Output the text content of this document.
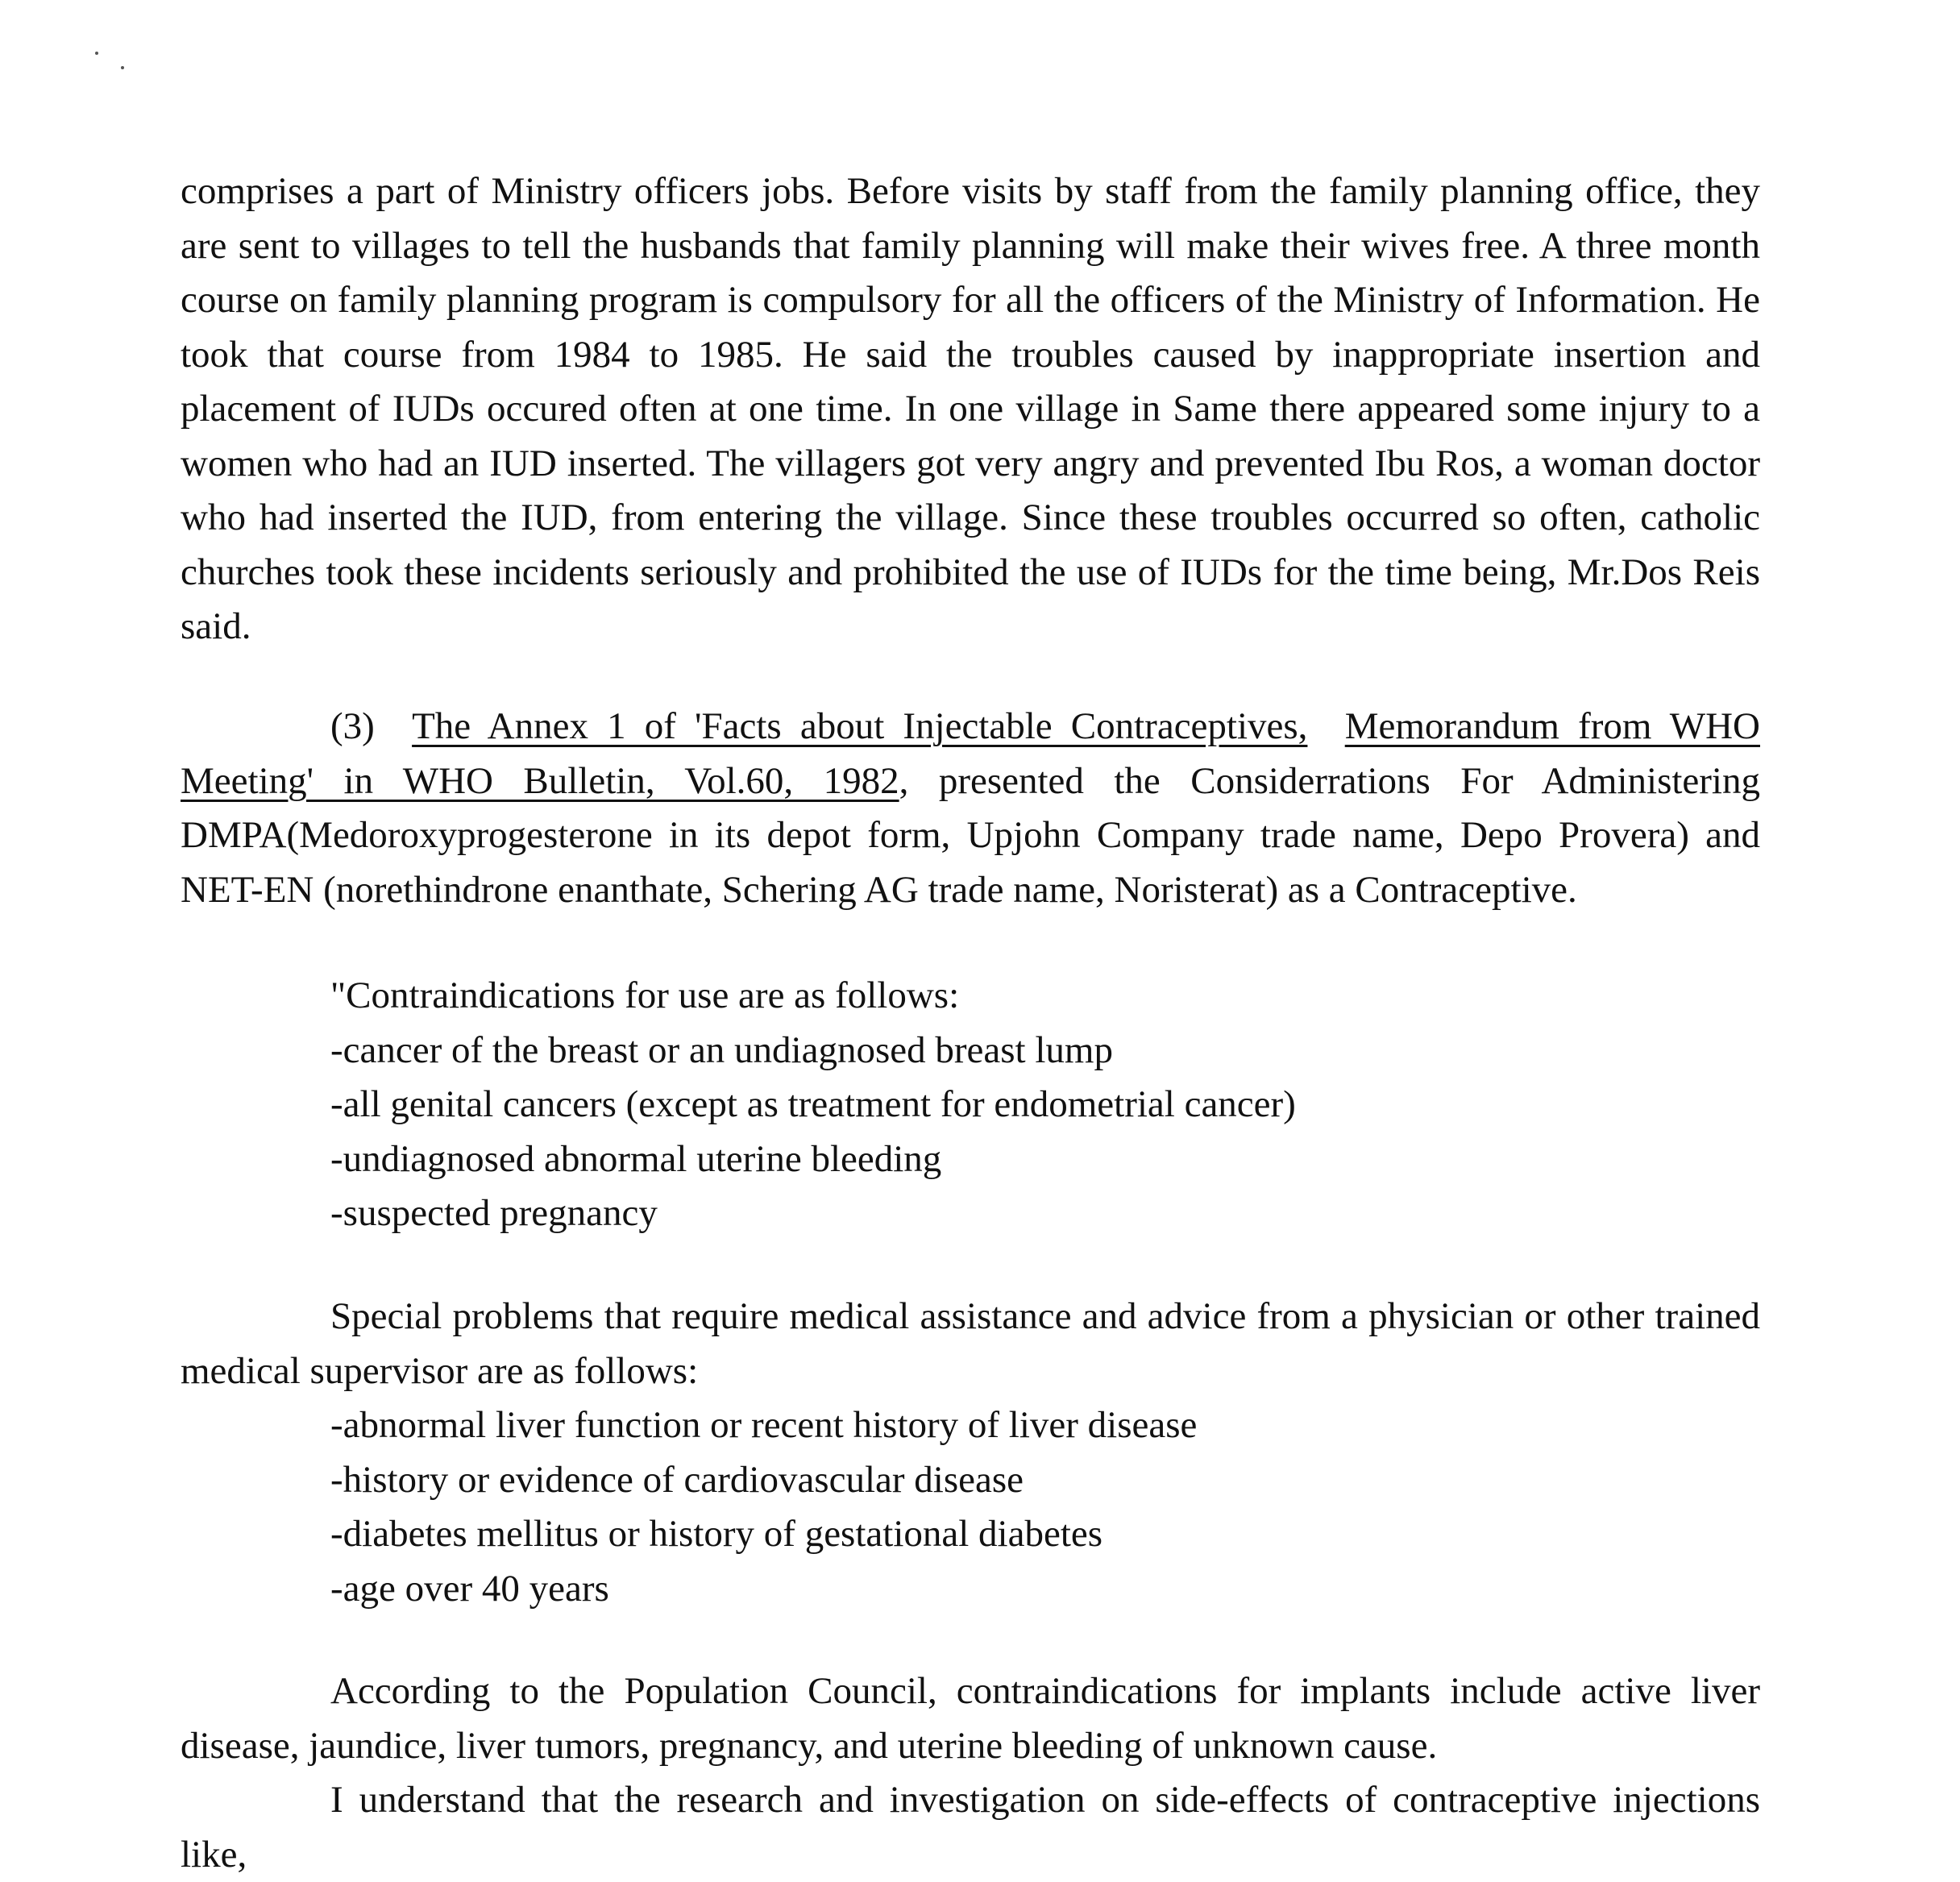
comprises a part of Ministry officers jobs. Before visits by staff from the family planning office, they are sent to villages to tell the husbands that family planning will make their wives free. A three month course on family planning program is compulsory for all the officers of the Ministry of Information. He took that course from 1984 to 1985. He said the troubles caused by inappropriate insertion and placement of IUDs occured often at one time. In one village in Same there appeared some injury to a women who had an IUD inserted. The villagers got very angry and prevented Ibu Ros, a woman doctor who had inserted the IUD, from entering the village. Since these troubles occurred so often, catholic churches took these incidents seriously and prohibited the use of IUDs for the time being, Mr.Dos Reis said.

(3) The Annex 1 of 'Facts about Injectable Contraceptives, Memorandum from WHO Meeting' in WHO Bulletin, Vol.60, 1982, presented the Considerrations For Administering DMPA(Medoroxyprogesterone in its depot form, Upjohn Company trade name, Depo Provera) and NET-EN (norethindrone enanthate, Schering AG trade name, Noristerat) as a Contraceptive.

"Contraindications for use are as follows:
-cancer of the breast or an undiagnosed breast lump
-all genital cancers (except as treatment for endometrial cancer)
-undiagnosed abnormal uterine bleeding
-suspected pregnancy

Special problems that require medical assistance and advice from a physician or other trained medical supervisor are as follows:

-abnormal liver function or recent history of liver disease
-history or evidence of cardiovascular disease
-diabetes mellitus or history of gestational diabetes
-age over 40 years

According to the Population Council, contraindications for implants include active liver disease, jaundice, liver tumors, pregnancy, and uterine bleeding of unknown cause.
I understand that the research and investigation on side-effects of contraceptive injections like,
